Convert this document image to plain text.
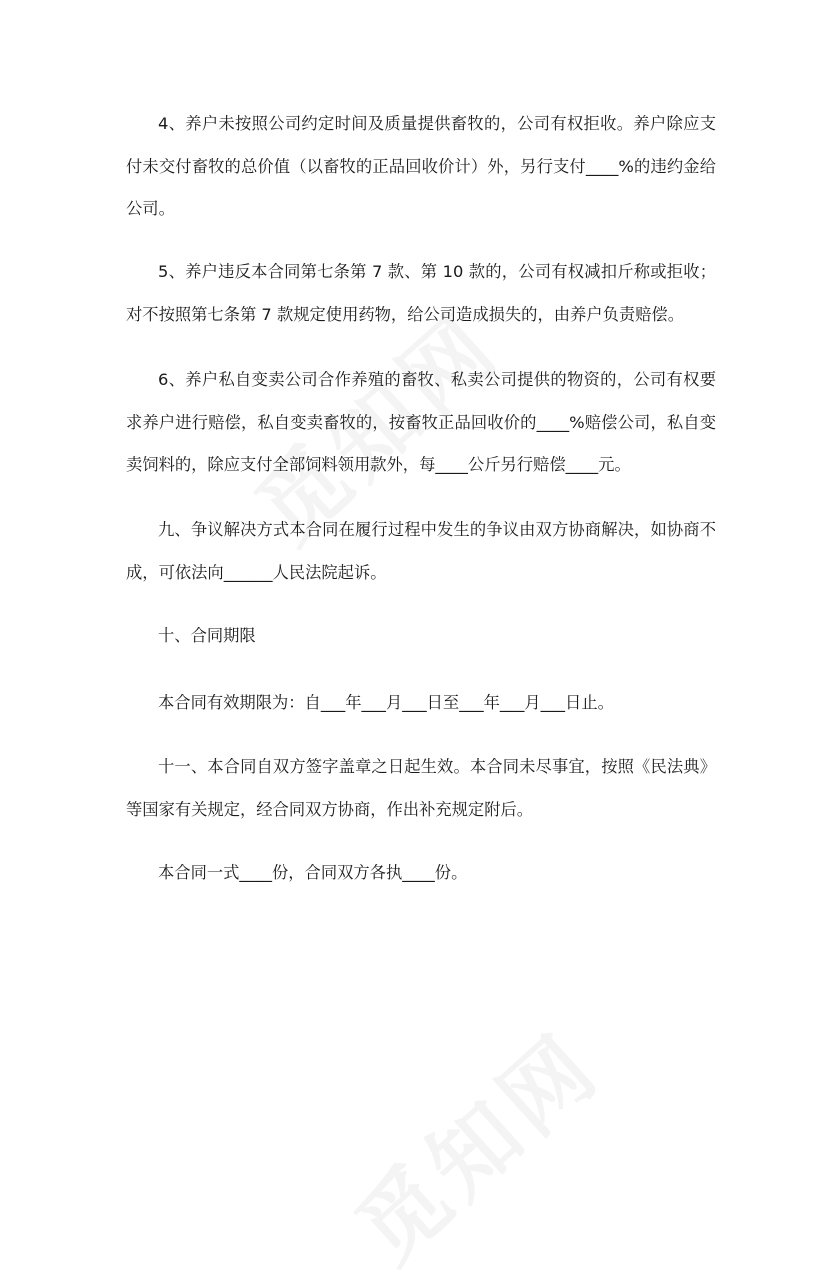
4、养户未按照公司约定时间及质量提供畜牧的，公司有权拒收。养户除应支付未交付畜牧的总价值（以畜牧的正品回收价计）外，另行支付____%的违约金给公司。

5、养户违反本合同第七条第 7 款、第 10 款的，公司有权减扣斤称或拒收；对不按照第七条第 7 款规定使用药物，给公司造成损失的，由养户负责赔偿。

6、养户私自变卖公司合作养殖的畜牧、私卖公司提供的物资的，公司有权要求养户进行赔偿，私自变卖畜牧的，按畜牧正品回收价的____%赔偿公司，私自变卖饲料的，除应支付全部饲料领用款外，每____公斤另行赔偿____元。

九、争议解决方式本合同在履行过程中发生的争议由双方协商解决，如协商不成，可依法向______人民法院起诉。

十、合同期限

本合同有效期限为：自___年___月___日至___年___月___日止。

十一、本合同自双方签字盖章之日起生效。本合同未尽事宜，按照《民法典》等国家有关规定，经合同双方协商，作出补充规定附后。

本合同一式____份，合同双方各执____份。
